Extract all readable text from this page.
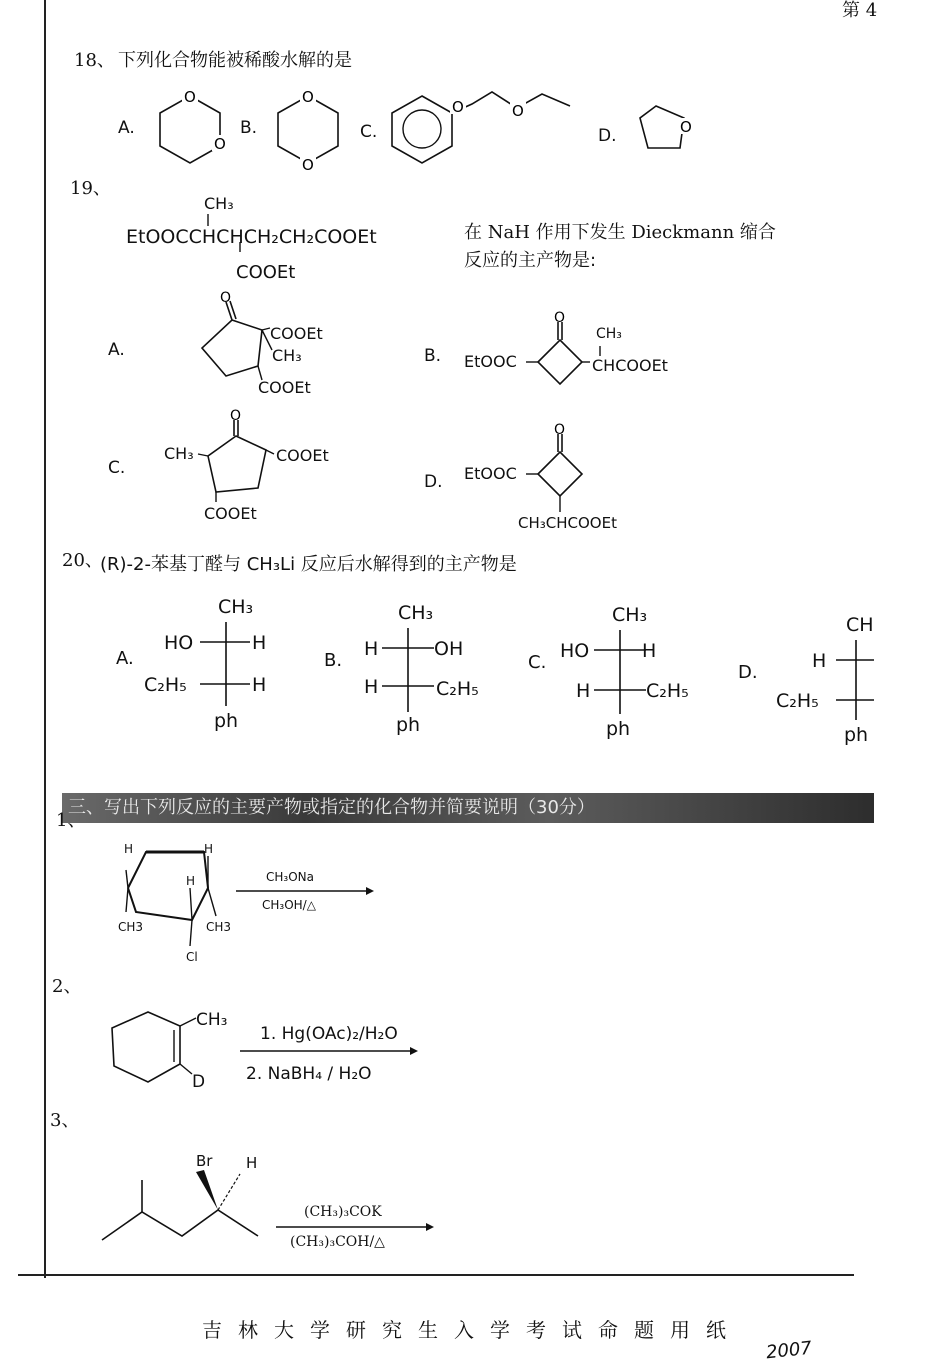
第 4
18、 下列化合物能被稀酸水解的是
A.
O
O
B.
O
O
C.
O	O
D.	O
19、
CH₃
EtOOCCHCHCH₂CH₂COOEt
COOEt
在 NaH 作用下发生 Dieckmann 缩合
反应的主产物是:
A.
O
COOEt
CH₃
COOEt
B. EtOOC
O
CH₃
CHCOOEt
C.
CH₃
O
COOEt
COOEt
D. EtOOC
O
CH₃CHCOOEt
20、
(R)-2-苯基丁醛与 CH₃Li 反应后水解得到的主产物是
A.
CH₃
HO	H
C₂H₅	H
ph
B.
CH₃
H	OH
H	C₂H₅
ph
C.
CH₃
HO	H
H	C₂H₅
ph
D.
CH
H
C₂H₅
ph
三、写出下列反应的主要产物或指定的化合物并简要说明（30分）
1、
H	H
H
CH3	CH3
Cl
CH₃ONa
CH₃OH/△
2、
CH₃
D
1. Hg(OAc)₂/H₂O
2. NaBH₄ / H₂O
3、
Br H
(CH₃)₃COK
(CH₃)₃COH/△
吉林大学研究生入学考试命题用纸
2007
